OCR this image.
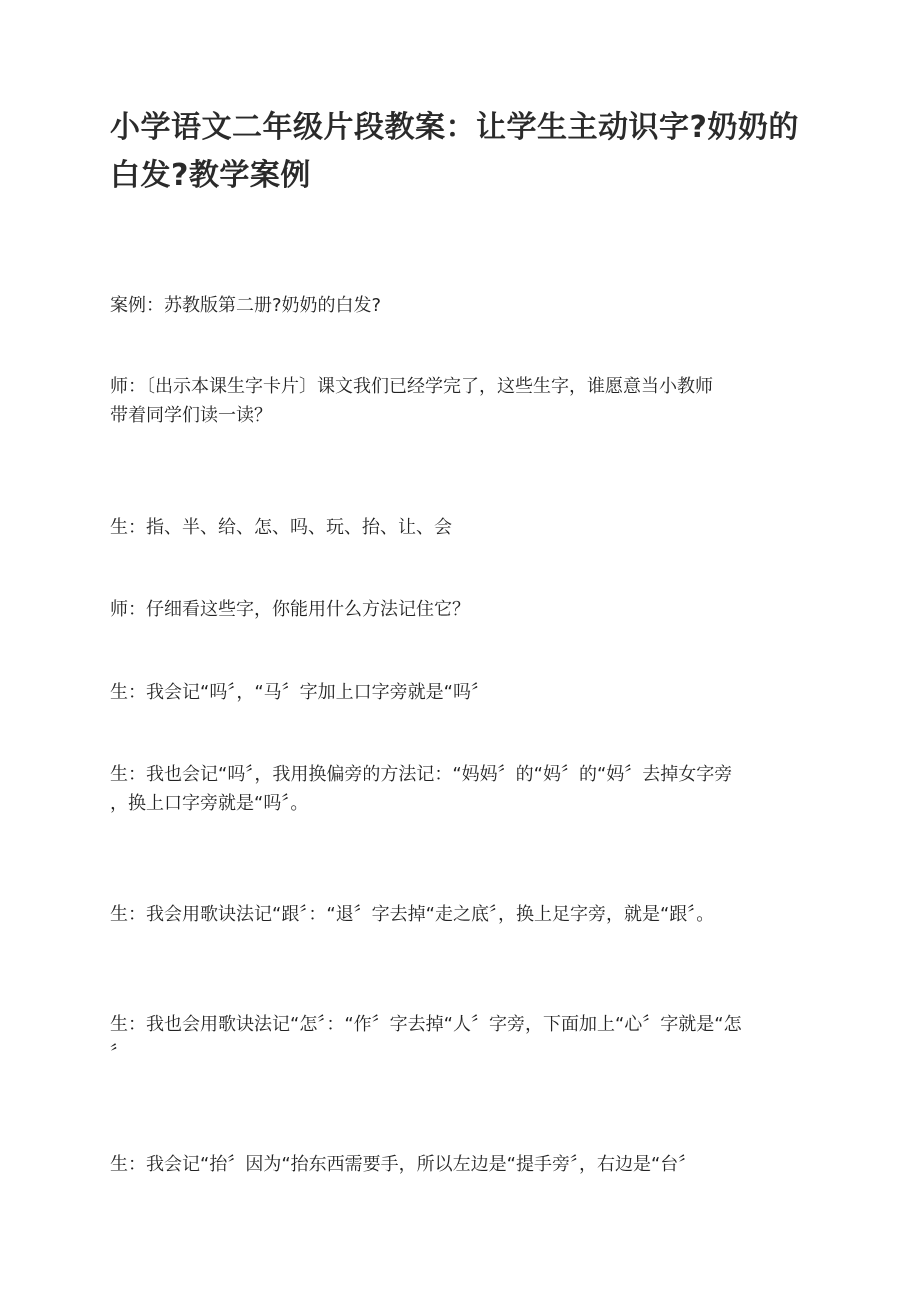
小学语文二年级片段教案：让学生主动识字?奶奶的白发?教学案例

案例：苏教版第二册?奶奶的白发?

师：〔出示本课生字卡片〕课文我们已经学完了，这些生字，谁愿意当小教师
带着同学们读一读？

生：指、半、给、怎、吗、玩、抬、让、会

师：仔细看这些字，你能用什么方法记住它？

生：我会记“吗〞，“马〞字加上口字旁就是“吗〞

生：我也会记“吗〞，我用换偏旁的方法记：“妈妈〞的“妈〞的“妈〞去掉女字旁
，换上口字旁就是“吗〞。
生：我会用歌诀法记“跟〞：“退〞字去掉“走之底〞，换上足字旁，就是“跟〞。
生：我也会用歌诀法记“怎〞：“作〞字去掉“人〞字旁，下面加上“心〞字就是“怎
〞

生：我会记“抬〞因为“抬东西需要手，所以左边是“提手旁〞，右边是“台〞
